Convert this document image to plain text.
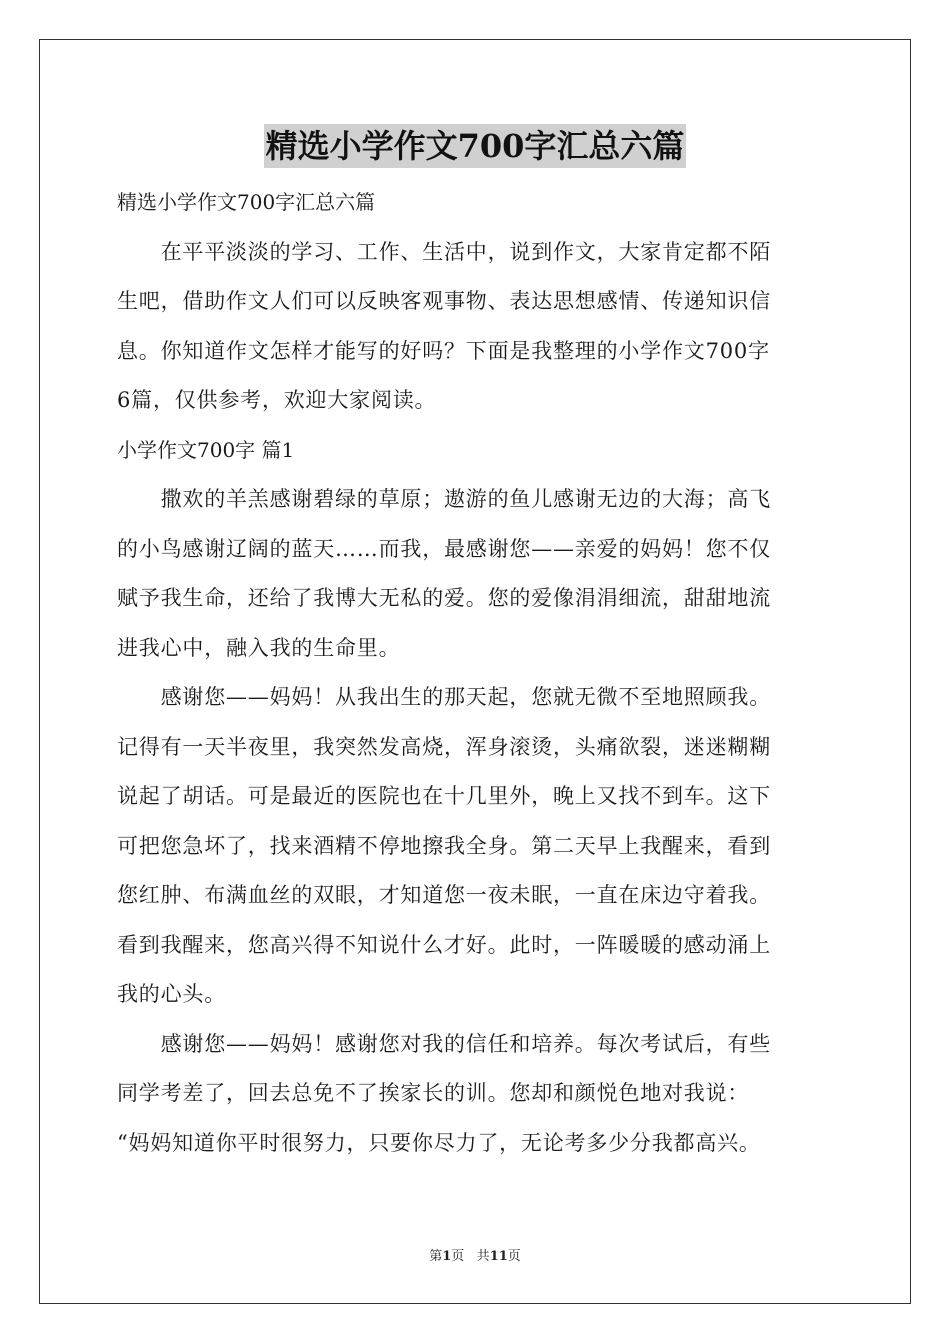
精选小学作文700字汇总六篇
精选小学作文700字汇总六篇
　　在平平淡淡的学习、工作、生活中，说到作文，大家肯定都不陌
生吧，借助作文人们可以反映客观事物、表达思想感情、传递知识信
息。你知道作文怎样才能写的好吗？下面是我整理的小学作文700字
6篇，仅供参考，欢迎大家阅读。
小学作文700字 篇1
　　撒欢的羊羔感谢碧绿的草原；遨游的鱼儿感谢无边的大海；高飞
的小鸟感谢辽阔的蓝天……而我，最感谢您——亲爱的妈妈！您不仅
赋予我生命，还给了我博大无私的爱。您的爱像涓涓细流，甜甜地流
进我心中，融入我的生命里。
　　感谢您——妈妈！从我出生的那天起，您就无微不至地照顾我。
记得有一天半夜里，我突然发高烧，浑身滚烫，头痛欲裂，迷迷糊糊
说起了胡话。可是最近的医院也在十几里外，晚上又找不到车。这下
可把您急坏了，找来酒精不停地擦我全身。第二天早上我醒来，看到
您红肿、布满血丝的双眼，才知道您一夜未眠，一直在床边守着我。
看到我醒来，您高兴得不知说什么才好。此时，一阵暖暖的感动涌上
我的心头。
　　感谢您——妈妈！感谢您对我的信任和培养。每次考试后，有些
同学考差了，回去总免不了挨家长的训。您却和颜悦色地对我说：
“妈妈知道你平时很努力，只要你尽力了，无论考多少分我都高兴。
第1页 共11页
